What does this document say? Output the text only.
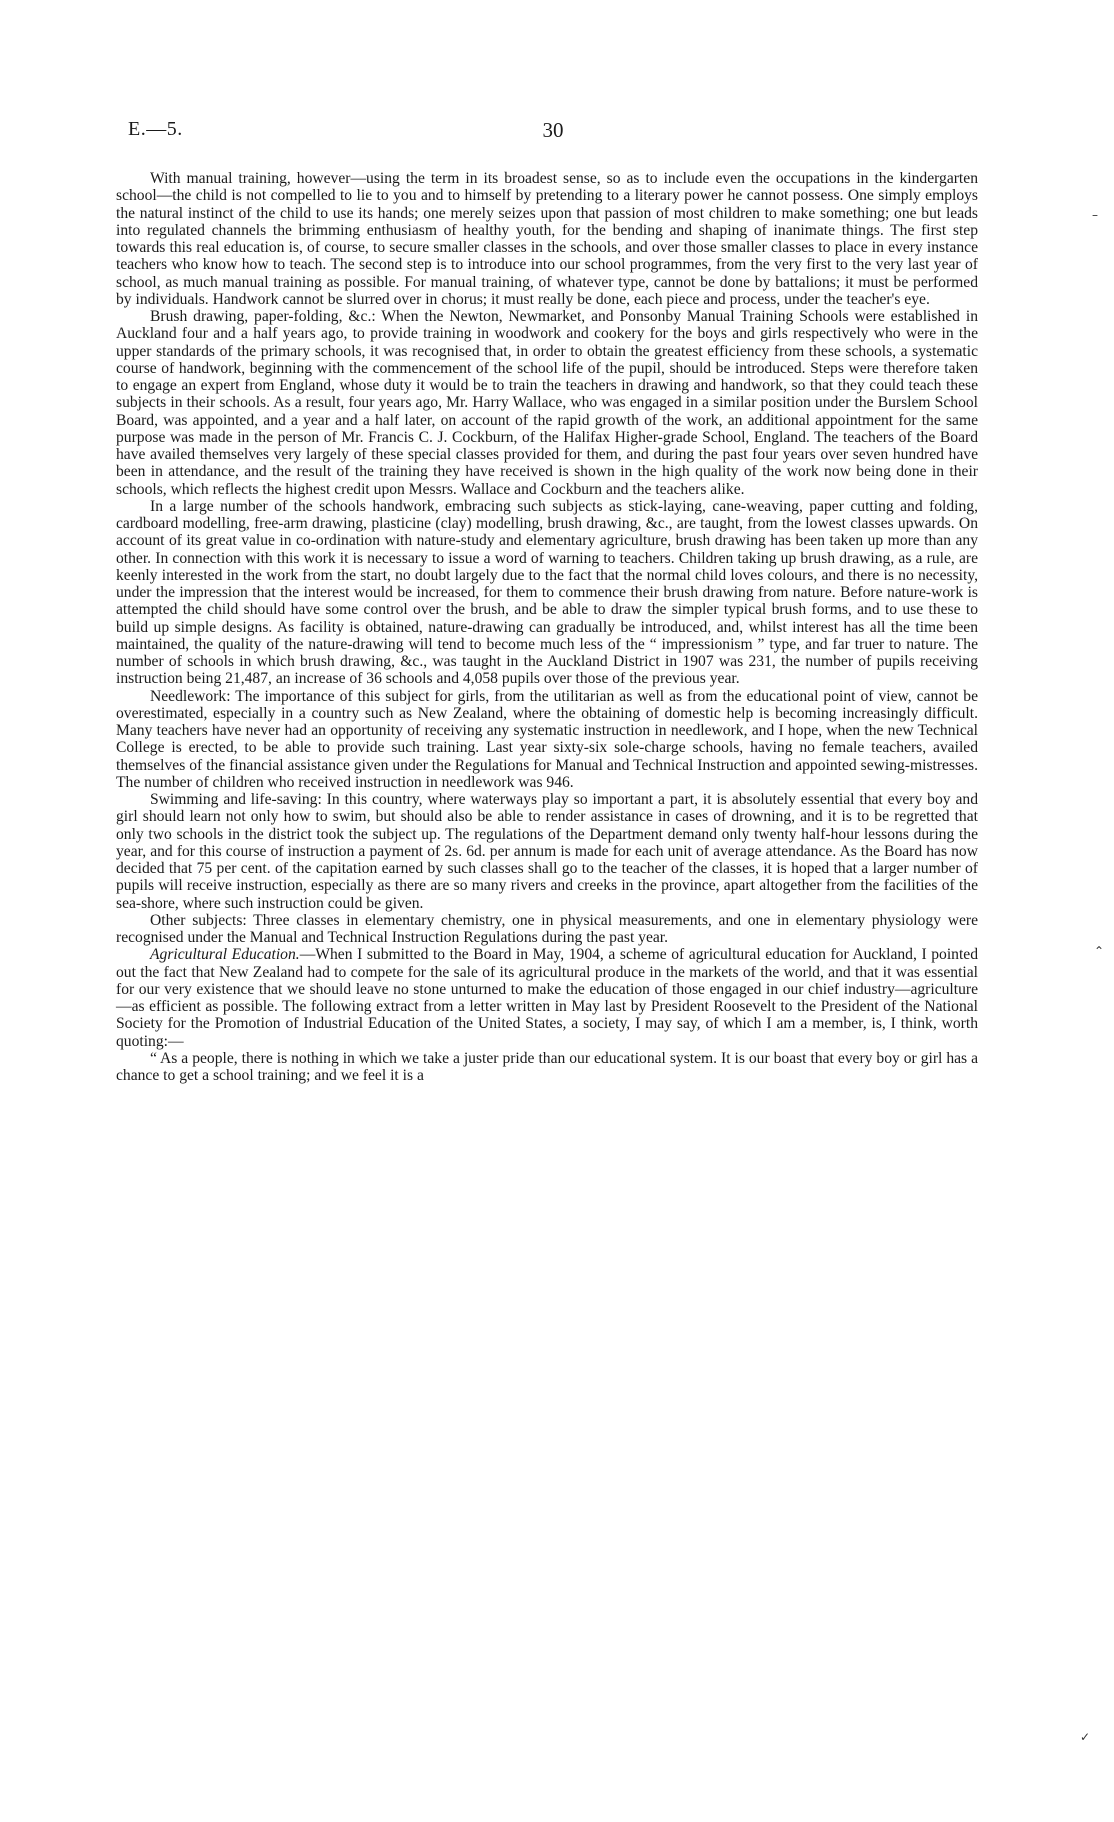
E.—5.	30

With manual training, however—using the term in its broadest sense, so as to include even the occupations in the kindergarten school—the child is not compelled to lie to you and to himself by pretending to a literary power he cannot possess. One simply employs the natural instinct of the child to use its hands; one merely seizes upon that passion of most children to make something; one but leads into regulated channels the brimming enthusiasm of healthy youth, for the bending and shaping of inanimate things. The first step towards this real education is, of course, to secure smaller classes in the schools, and over those smaller classes to place in every instance teachers who know how to teach. The second step is to introduce into our school programmes, from the very first to the very last year of school, as much manual training as possible. For manual training, of whatever type, cannot be done by battalions; it must be performed by individuals. Handwork cannot be slurred over in chorus; it must really be done, each piece and process, under the teacher's eye.

Brush drawing, paper-folding, &c.: When the Newton, Newmarket, and Ponsonby Manual Training Schools were established in Auckland four and a half years ago, to provide training in woodwork and cookery for the boys and girls respectively who were in the upper standards of the primary schools, it was recognised that, in order to obtain the greatest efficiency from these schools, a systematic course of handwork, beginning with the commencement of the school life of the pupil, should be introduced. Steps were therefore taken to engage an expert from England, whose duty it would be to train the teachers in drawing and handwork, so that they could teach these subjects in their schools. As a result, four years ago, Mr. Harry Wallace, who was engaged in a similar position under the Burslem School Board, was appointed, and a year and a half later, on account of the rapid growth of the work, an additional appointment for the same purpose was made in the person of Mr. Francis C. J. Cockburn, of the Halifax Higher-grade School, England. The teachers of the Board have availed themselves very largely of these special classes provided for them, and during the past four years over seven hundred have been in attendance, and the result of the training they have received is shown in the high quality of the work now being done in their schools, which reflects the highest credit upon Messrs. Wallace and Cockburn and the teachers alike.

In a large number of the schools handwork, embracing such subjects as stick-laying, cane-weaving, paper cutting and folding, cardboard modelling, free-arm drawing, plasticine (clay) modelling, brush drawing, &c., are taught, from the lowest classes upwards. On account of its great value in co-ordination with nature-study and elementary agriculture, brush drawing has been taken up more than any other. In connection with this work it is necessary to issue a word of warning to teachers. Children taking up brush drawing, as a rule, are keenly interested in the work from the start, no doubt largely due to the fact that the normal child loves colours, and there is no necessity, under the impression that the interest would be increased, for them to commence their brush drawing from nature. Before nature-work is attempted the child should have some control over the brush, and be able to draw the simpler typical brush forms, and to use these to build up simple designs. As facility is obtained, nature-drawing can gradually be introduced, and, whilst interest has all the time been maintained, the quality of the nature-drawing will tend to become much less of the “ impressionism ” type, and far truer to nature. The number of schools in which brush drawing, &c., was taught in the Auckland District in 1907 was 231, the number of pupils receiving instruction being 21,487, an increase of 36 schools and 4,058 pupils over those of the previous year.

Needlework: The importance of this subject for girls, from the utilitarian as well as from the educational point of view, cannot be overestimated, especially in a country such as New Zealand, where the obtaining of domestic help is becoming increasingly difficult. Many teachers have never had an opportunity of receiving any systematic instruction in needlework, and I hope, when the new Technical College is erected, to be able to provide such training. Last year sixty-six sole-charge schools, having no female teachers, availed themselves of the financial assistance given under the Regulations for Manual and Technical Instruction and appointed sewing-mistresses. The number of children who received instruction in needlework was 946.

Swimming and life-saving: In this country, where waterways play so important a part, it is absolutely essential that every boy and girl should learn not only how to swim, but should also be able to render assistance in cases of drowning, and it is to be regretted that only two schools in the district took the subject up. The regulations of the Department demand only twenty half-hour lessons during the year, and for this course of instruction a payment of 2s. 6d. per annum is made for each unit of average attendance. As the Board has now decided that 75 per cent. of the capitation earned by such classes shall go to the teacher of the classes, it is hoped that a larger number of pupils will receive instruction, especially as there are so many rivers and creeks in the province, apart altogether from the facilities of the sea-shore, where such instruction could be given.

Other subjects: Three classes in elementary chemistry, one in physical measurements, and one in elementary physiology were recognised under the Manual and Technical Instruction Regulations during the past year.

Agricultural Education.—When I submitted to the Board in May, 1904, a scheme of agricultural education for Auckland, I pointed out the fact that New Zealand had to compete for the sale of its agricultural produce in the markets of the world, and that it was essential for our very existence that we should leave no stone unturned to make the education of those engaged in our chief industry—agriculture—as efficient as possible. The following extract from a letter written in May last by President Roosevelt to the President of the National Society for the Promotion of Industrial Education of the United States, a society, I may say, of which I am a member, is, I think, worth quoting:—

“ As a people, there is nothing in which we take a juster pride than our educational system. It is our boast that every boy or girl has a chance to get a school training; and we feel it is a

–
⌃
✓
